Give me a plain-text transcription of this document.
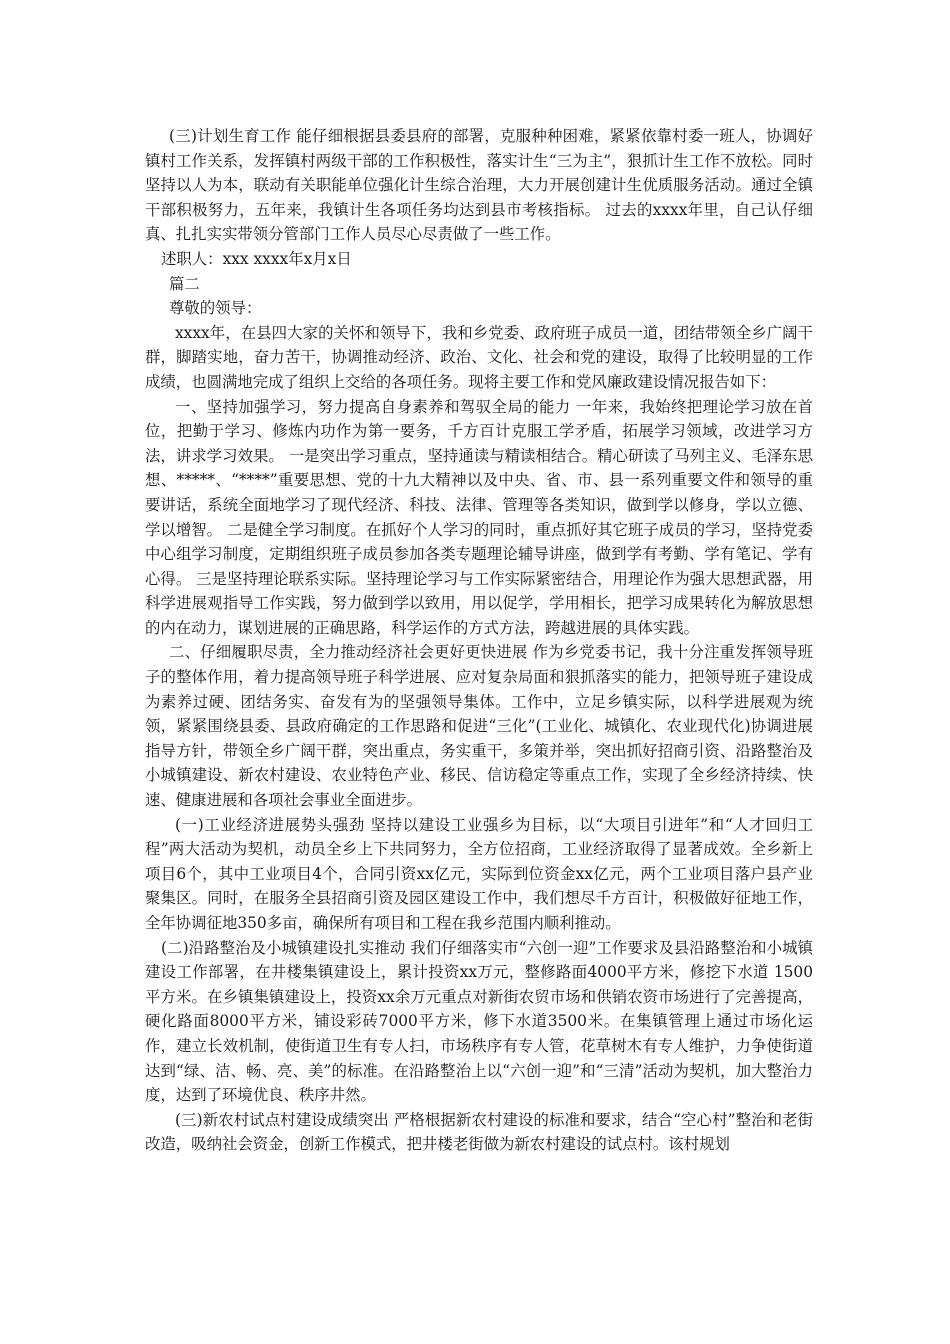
(三)计划生育工作 能仔细根据县委县府的部署，克服种种困难，紧紧依靠村委一班人，协调好镇村工作关系，发挥镇村两级干部的工作积极性，落实计生“三为主”，狠抓计生工作不放松。同时坚持以人为本，联动有关职能单位强化计生综合治理，大力开展创建计生优质服务活动。通过全镇干部积极努力，五年来，我镇计生各项任务均达到县市考核指标。 过去的xxxx年里，自己认仔细真、扎扎实实带领分管部门工作人员尽心尽责做了一些工作。

述职人：xxx xxxx年x月x日

篇二

尊敬的领导：

xxxx年，在县四大家的关怀和领导下，我和乡党委、政府班子成员一道，团结带领全乡广阔干群，脚踏实地，奋力苦干，协调推动经济、政治、文化、社会和党的建设，取得了比较明显的工作成绩，也圆满地完成了组织上交给的各项任务。现将主要工作和党风廉政建设情况报告如下：

一、坚持加强学习，努力提高自身素养和驾驭全局的能力 一年来，我始终把理论学习放在首位，把勤于学习、修炼内功作为第一要务，千方百计克服工学矛盾，拓展学习领域，改进学习方法，讲求学习效果。 一是突出学习重点，坚持通读与精读相结合。精心研读了马列主义、毛泽东思想、*****、“****”重要思想、党的十九大精神以及中央、省、市、县一系列重要文件和领导的重要讲话，系统全面地学习了现代经济、科技、法律、管理等各类知识，做到学以修身，学以立德、学以增智。 二是健全学习制度。在抓好个人学习的同时，重点抓好其它班子成员的学习，坚持党委中心组学习制度，定期组织班子成员参加各类专题理论辅导讲座，做到学有考勤、学有笔记、学有心得。 三是坚持理论联系实际。坚持理论学习与工作实际紧密结合，用理论作为强大思想武器，用科学进展观指导工作实践，努力做到学以致用，用以促学，学用相长，把学习成果转化为解放思想的内在动力，谋划进展的正确思路，科学运作的方式方法，跨越进展的具体实践。

二、仔细履职尽责，全力推动经济社会更好更快进展 作为乡党委书记，我十分注重发挥领导班子的整体作用，着力提高领导班子科学进展、应对复杂局面和狠抓落实的能力，把领导班子建设成为素养过硬、团结务实、奋发有为的坚强领导集体。工作中，立足乡镇实际，以科学进展观为统领，紧紧围绕县委、县政府确定的工作思路和促进“三化”(工业化、城镇化、农业现代化)协调进展指导方针，带领全乡广阔干群，突出重点，务实重干，多策并举，突出抓好招商引资、沿路整治及小城镇建设、新农村建设、农业特色产业、移民、信访稳定等重点工作，实现了全乡经济持续、快速、健康进展和各项社会事业全面进步。

(一)工业经济进展势头强劲 坚持以建设工业强乡为目标，以“大项目引进年”和“人才回归工程”两大活动为契机，动员全乡上下共同努力，全方位招商，工业经济取得了显著成效。全乡新上项目6个，其中工业项目4个，合同引资xx亿元，实际到位资金xx亿元，两个工业项目落户县产业聚集区。同时，在服务全县招商引资及园区建设工作中，我们想尽千方百计，积极做好征地工作，全年协调征地350多亩，确保所有项目和工程在我乡范围内顺利推动。

(二)沿路整治及小城镇建设扎实推动 我们仔细落实市“六创一迎”工作要求及县沿路整治和小城镇建设工作部署，在井楼集镇建设上，累计投资xx万元，整修路面4000平方米，修挖下水道 1500平方米。在乡镇集镇建设上，投资xx余万元重点对新街农贸市场和供销农资市场进行了完善提高，硬化路面8000平方米，铺设彩砖7000平方米，修下水道3500米。在集镇管理上通过市场化运作，建立长效机制，使街道卫生有专人扫，市场秩序有专人管，花草树木有专人维护，力争使街道达到“绿、洁、畅、亮、美”的标准。在沿路整治上以“六创一迎”和“三清”活动为契机，加大整治力度，达到了环境优良、秩序井然。

(三)新农村试点村建设成绩突出 严格根据新农村建设的标准和要求，结合“空心村”整治和老街改造，吸纳社会资金，创新工作模式，把井楼老街做为新农村建设的试点村。该村规划
